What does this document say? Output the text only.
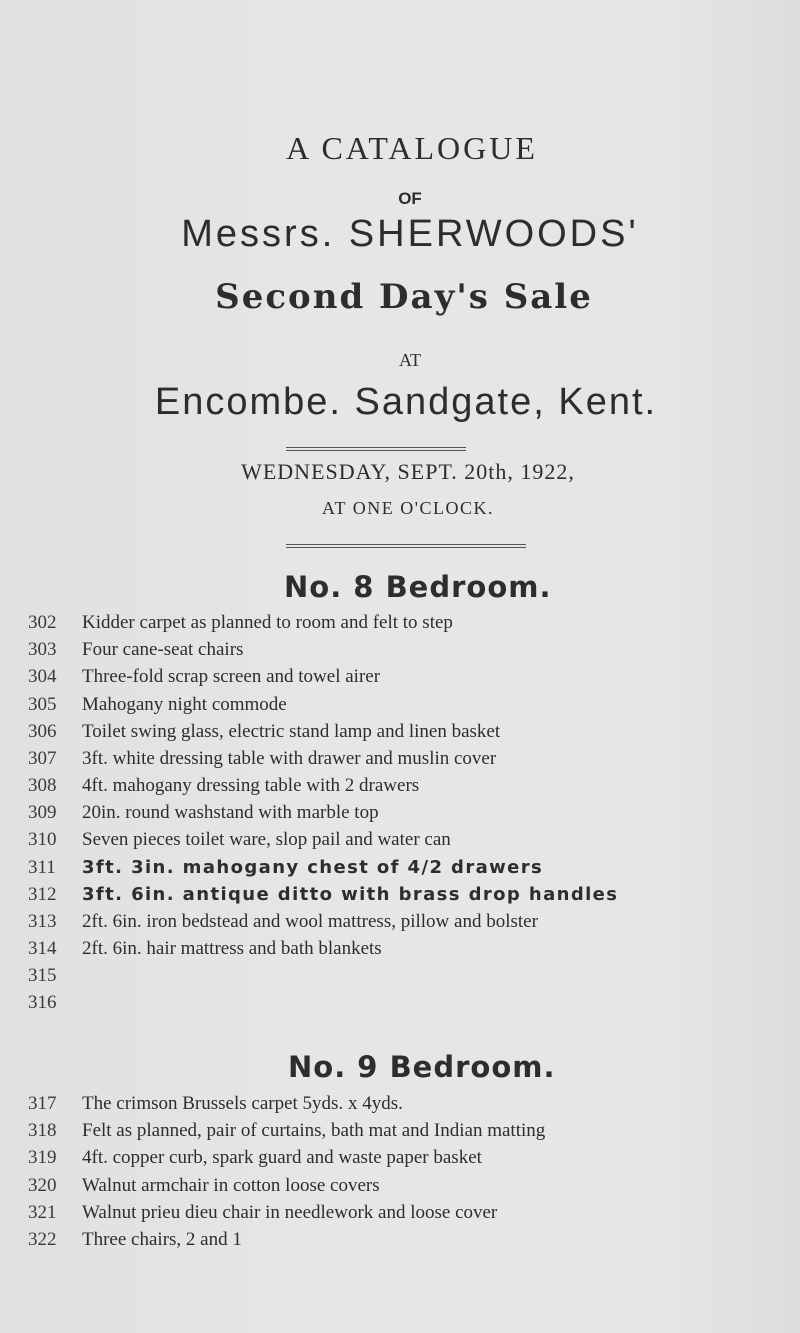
A CATALOGUE
OF
Messrs. SHERWOODS'
Second Day's Sale
AT
Encombe. Sandgate, Kent.
WEDNESDAY, SEPT. 20th, 1922,
AT ONE O'CLOCK.
No. 8 Bedroom.
302	Kidder carpet as planned to room and felt to step
303	Four cane-seat chairs
304	Three-fold scrap screen and towel airer
305	Mahogany night commode
306	Toilet swing glass, electric stand lamp and linen basket
307	3ft. white dressing table with drawer and muslin cover
308	4ft. mahogany dressing table with 2 drawers
309	20in. round washstand with marble top
310	Seven pieces toilet ware, slop pail and water can
311	3ft. 3in. mahogany chest of 4/2 drawers
312	3ft. 6in. antique ditto with brass drop handles
313	2ft. 6in. iron bedstead and wool mattress, pillow and bolster
314	2ft. 6in. hair mattress and bath blankets
315
316
No. 9 Bedroom.
317	The crimson Brussels carpet 5yds. x 4yds.
318	Felt as planned, pair of curtains, bath mat and Indian matting
319	4ft. copper curb, spark guard and waste paper basket
320	Walnut armchair in cotton loose covers
321	Walnut prieu dieu chair in needlework and loose cover
322	Three chairs, 2 and 1
